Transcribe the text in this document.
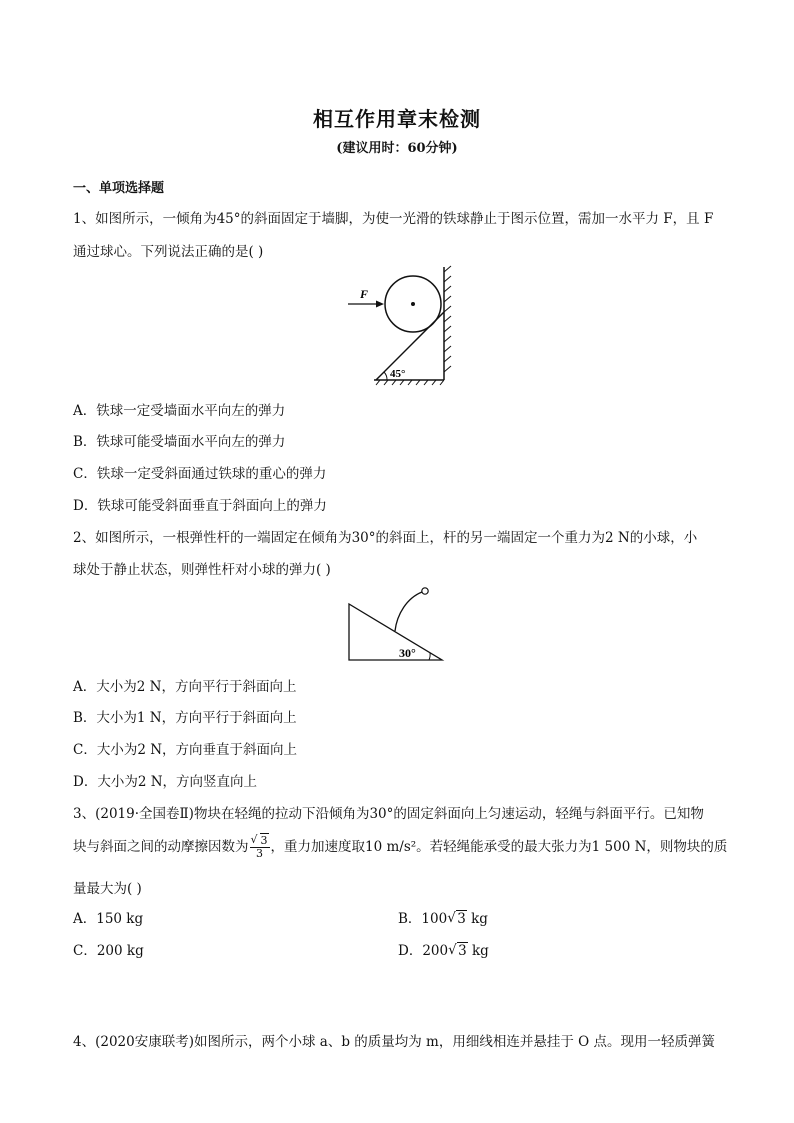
相互作用章末检测
(建议用时：60分钟)
一、单项选择题
1、如图所示，一倾角为45°的斜面固定于墙脚，为使一光滑的铁球静止于图示位置，需加一水平力 F，且 F
通过球心。下列说法正确的是( )
F
45°
A．铁球一定受墙面水平向左的弹力
B．铁球可能受墙面水平向左的弹力
C．铁球一定受斜面通过铁球的重心的弹力
D．铁球可能受斜面垂直于斜面向上的弹力
2、如图所示，一根弹性杆的一端固定在倾角为30°的斜面上，杆的另一端固定一个重力为2 N的小球，小
球处于静止状态，则弹性杆对小球的弹力( )
30°
A．大小为2 N，方向平行于斜面向上
B．大小为1 N，方向平行于斜面向上
C．大小为2 N，方向垂直于斜面向上
D．大小为2 N，方向竖直向上
3、(2019·全国卷Ⅱ)物块在轻绳的拉动下沿倾角为30°的固定斜面向上匀速运动，轻绳与斜面平行。已知物
块与斜面之间的动摩擦因数为 √ $\frac{3}{3}$ ，重力加速度取10 m/s²。若轻绳能承受的最大张力为1 500 N，则物块的质
量最大为( )
A．150 kg	B．100 √ 3 kg
C．200 kg	D．200 √ 3 kg
4、(2020安康联考)如图所示，两个小球 a、b 的质量均为 m，用细线相连并悬挂于 O 点。现用一轻质弹簧
